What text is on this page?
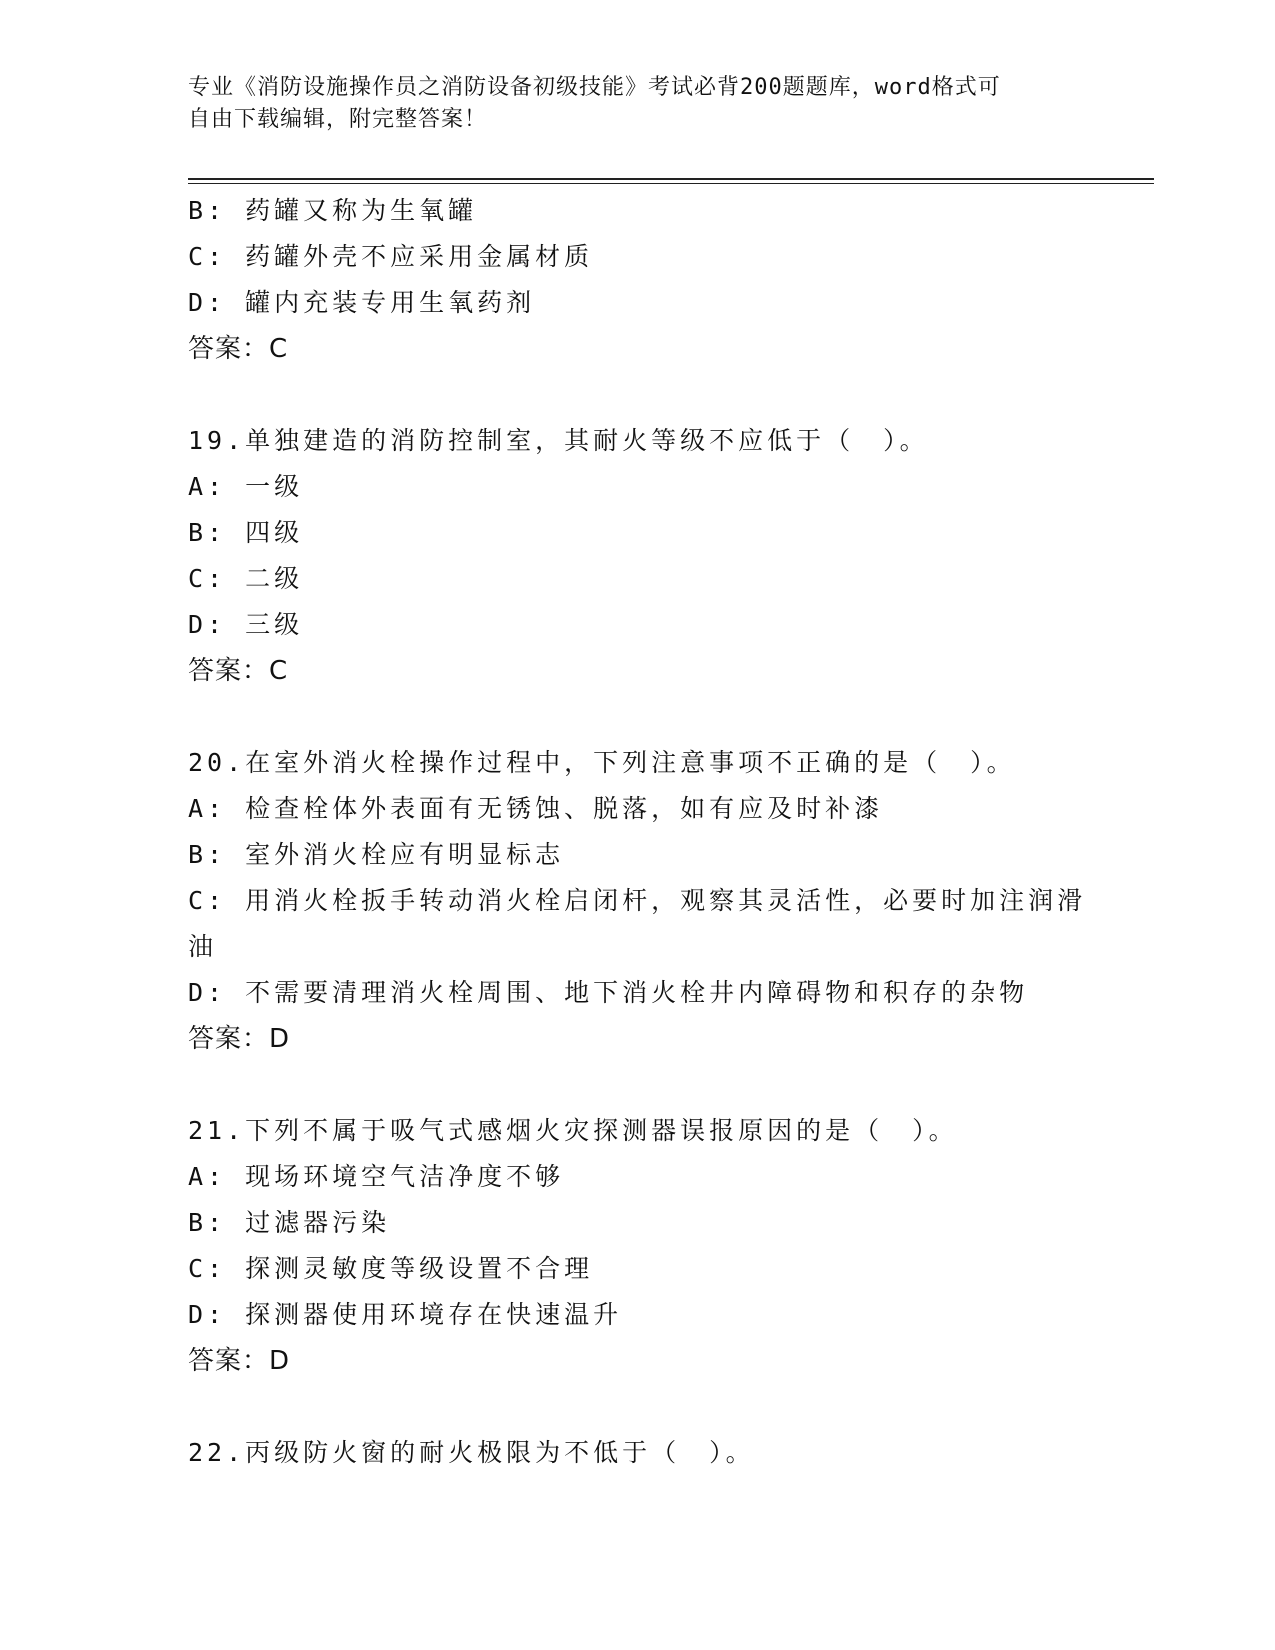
专业《消防设施操作员之消防设备初级技能》考试必背200题题库，word格式可
自由下载编辑，附完整答案！
B: 药罐又称为生氧罐
C: 药罐外壳不应采用金属材质
D: 罐内充装专用生氧药剂
答案：C
19.单独建造的消防控制室，其耐火等级不应低于（　）。
A: 一级
B: 四级
C: 二级
D: 三级
答案：C
20.在室外消火栓操作过程中，下列注意事项不正确的是（　）。
A: 检查栓体外表面有无锈蚀、脱落，如有应及时补漆
B: 室外消火栓应有明显标志
C: 用消火栓扳手转动消火栓启闭杆，观察其灵活性，必要时加注润滑
油
D: 不需要清理消火栓周围、地下消火栓井内障碍物和积存的杂物
答案：D
21.下列不属于吸气式感烟火灾探测器误报原因的是（　）。
A: 现场环境空气洁净度不够
B: 过滤器污染
C: 探测灵敏度等级设置不合理
D: 探测器使用环境存在快速温升
答案：D
22.丙级防火窗的耐火极限为不低于（　）。
